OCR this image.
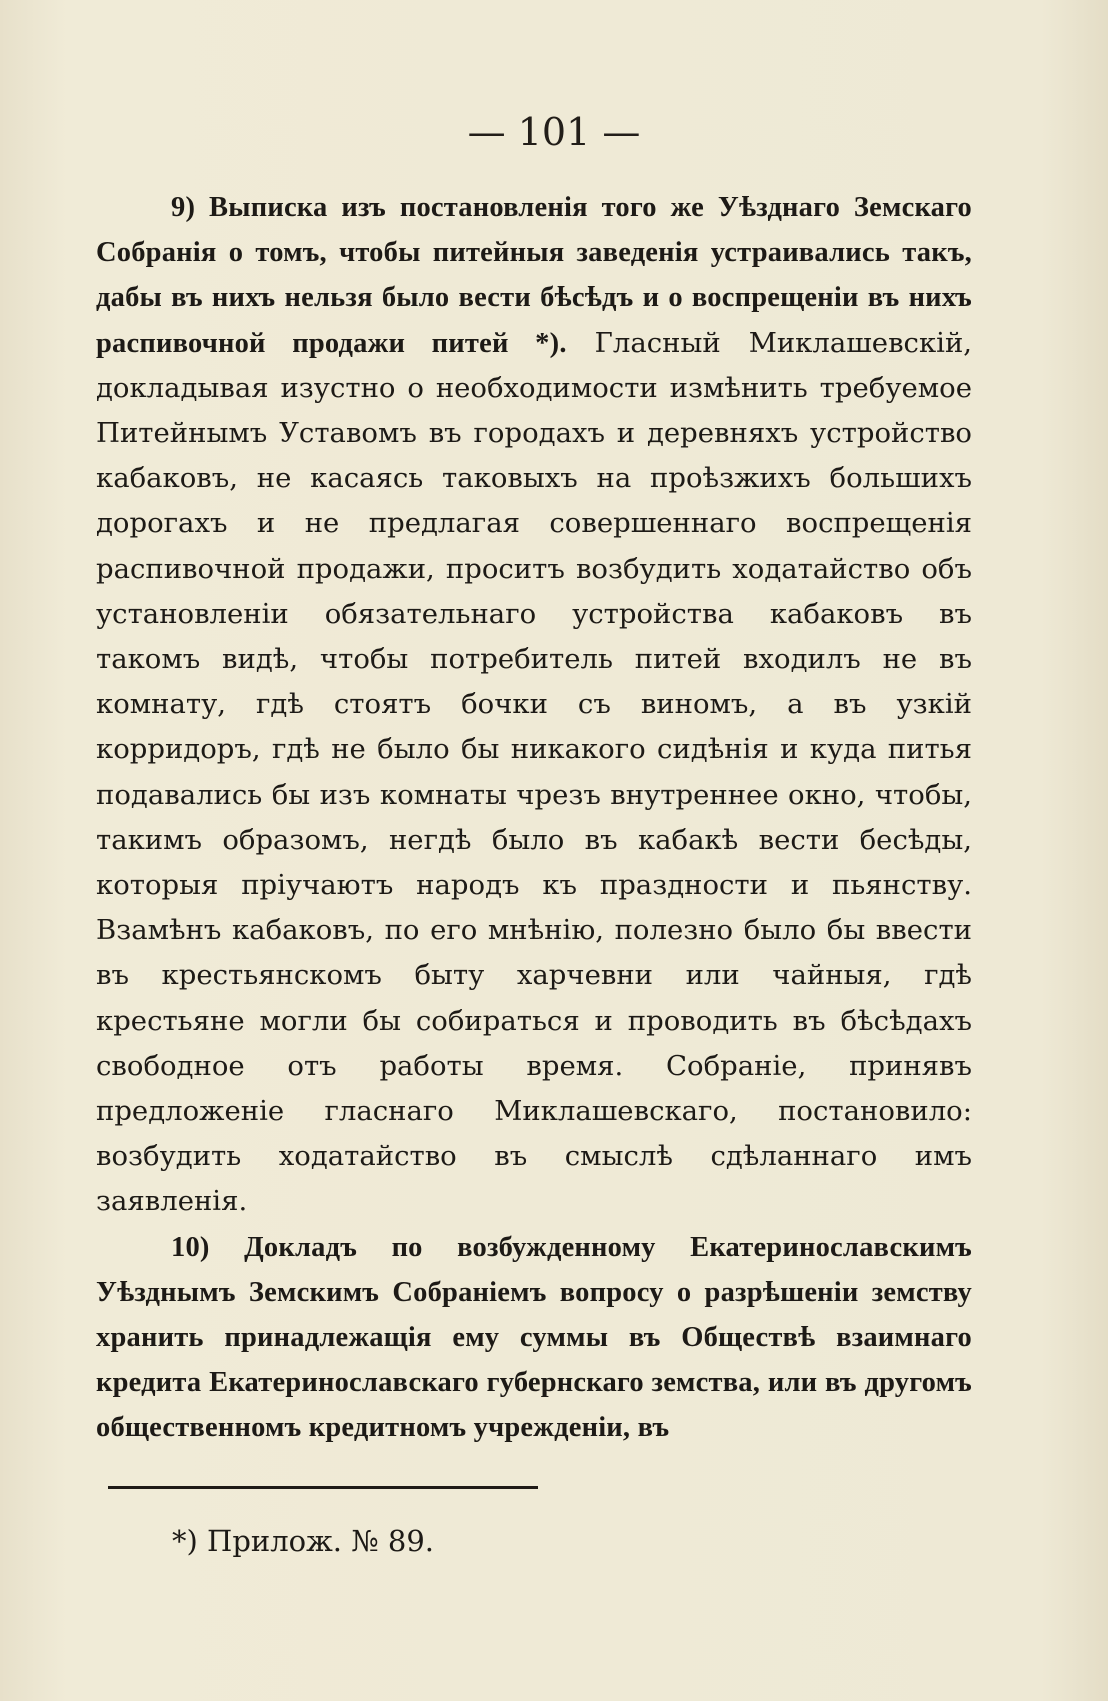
— 101 —

9) Выписка изъ постановленія того же Уѣзднаго Земскаго Собранія о томъ, чтобы питейныя заведенія устраивались такъ, дабы въ нихъ нельзя было вести бѣсѣдъ и о воспрещеніи въ нихъ распивочной продажи питей *). Гласный Миклашевскій, докладывая изустно о необходимости измѣнить требуемое Питейнымъ Уставомъ въ городахъ и деревняхъ устройство кабаковъ, не касаясь таковыхъ на проѣзжихъ большихъ дорогахъ и не предлагая совершеннаго воспрещенія распивочной продажи, проситъ возбудить ходатайство объ установленіи обязательнаго устройства кабаковъ въ такомъ видѣ, чтобы потребитель питей входилъ не въ комнату, гдѣ стоятъ бочки съ виномъ, а въ узкій корридоръ, гдѣ не было бы никакого сидѣнія и куда питья подавались бы изъ комнаты чрезъ внутреннее окно, чтобы, такимъ образомъ, негдѣ было въ кабакѣ вести бесѣды, которыя пріучаютъ народъ къ праздности и пьянству. Взамѣнъ кабаковъ, по его мнѣнію, полезно было бы ввести въ крестьянскомъ быту харчевни или чайныя, гдѣ крестьяне могли бы собираться и проводить въ бѣсѣдахъ свободное отъ работы время. Собраніе, принявъ предложеніе гласнаго Миклашевскаго, постановило: возбудить ходатайство въ смыслѣ сдѣланнаго имъ заявленія.

10) Докладъ по возбужденному Екатеринославскимъ Уѣзднымъ Земскимъ Собраніемъ вопросу о разрѣшеніи земству хранить принадлежащія ему суммы въ Обществѣ взаимнаго кредита Екатеринославскаго губернскаго земства, или въ другомъ общественномъ кредитномъ учрежденіи, въ

*) Прилож. № 89.
